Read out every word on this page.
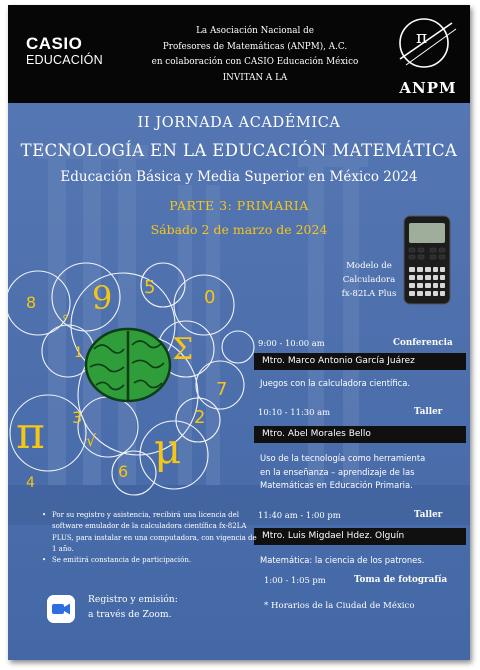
CASIO
EDUCACIÓN
La Asociación Nacional de
Profesores de Matemáticas (ANPM), A.C.
en colaboración con CASIO Educación México
INVITAN A LA
π
ANPM
II JORNADA ACADÉMICA
TECNOLOGÍA EN LA EDUCACIÓN MATEMÁTICA
Educación Básica y Media Superior en México 2024
PARTE 3: PRIMARIA
Sábado 2 de marzo de 2024
Modelo de
Calculadora
fx-82LA Plus
8 9 5	0
°
1	Σ
7
π 3
√
2
μ
6
4
9:00 - 10:00 am	Conferencia
Mtro. Marco Antonio García Juárez
Juegos con la calculadora científica.
10:10 - 11:30 am	Taller
Mtro. Abel Morales Bello
Uso de la tecnología como herramienta
en la enseñanza – aprendizaje de las
Matemáticas en Educación Primaria.
11:40 am - 1:00 pm	Taller
Mtro. Luis Migdael Hdez. Olguín
Matemática: la ciencia de los patrones.
1:00 - 1:05 pm	Toma de fotografía
• Por su registro y asistencia, recibirá una licencia del software emulador de la calculadora científica fx-82LA PLUS, para instalar en una computadora, con vigencia de 1 año.
• Se emitirá constancia de participación.
Registro y emisión:
a través de Zoom.
* Horarios de la Ciudad de México
